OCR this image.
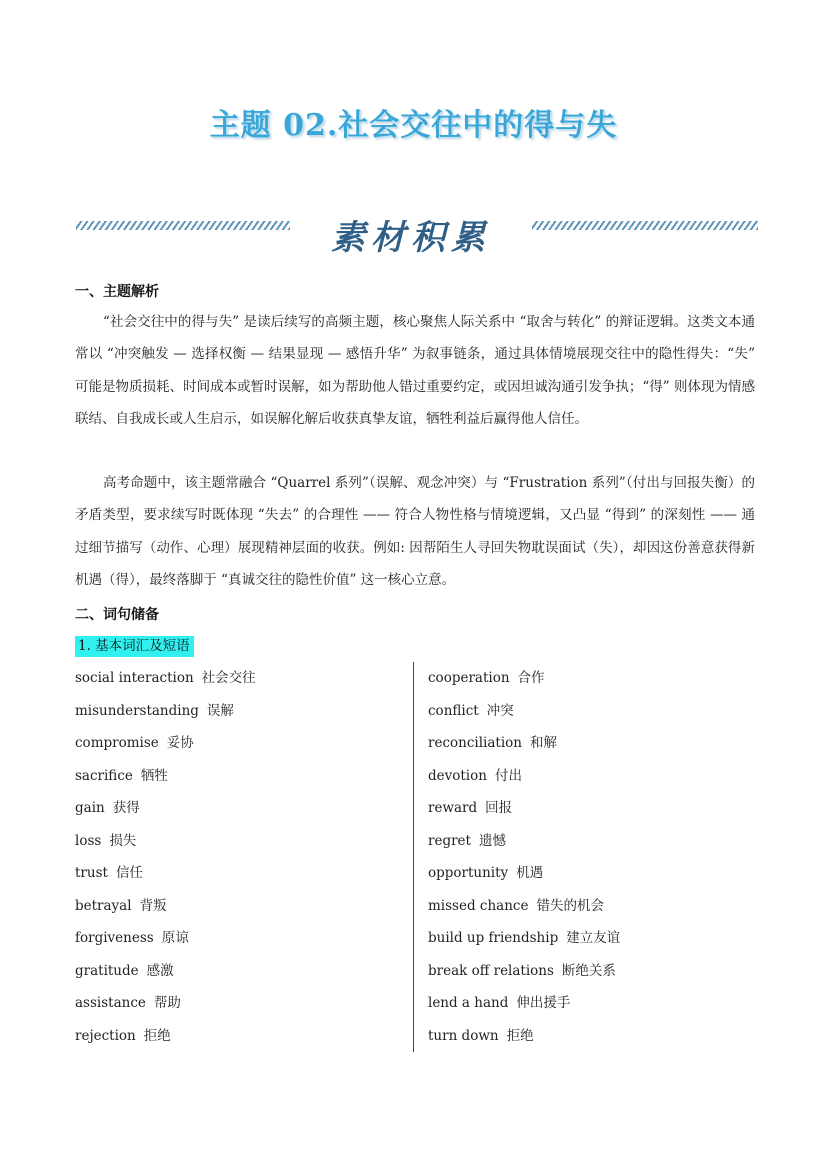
主题 02.社会交往中的得与失
素材积累
一、主题解析
“社会交往中的得与失” 是读后续写的高频主题，核心聚焦人际关系中 “取舍与转化” 的辩证逻辑。这类文本通常以 “冲突触发 — 选择权衡 — 结果显现 — 感悟升华” 为叙事链条，通过具体情境展现交往中的隐性得失：“失” 可能是物质损耗、时间成本或暂时误解，如为帮助他人错过重要约定，或因坦诚沟通引发争执；“得” 则体现为情感联结、自我成长或人生启示，如误解化解后收获真挚友谊，牺牲利益后赢得他人信任。
高考命题中，该主题常融合 “Quarrel 系列”（误解、观念冲突）与 “Frustration 系列”（付出与回报失衡）的矛盾类型，要求续写时既体现 “失去” 的合理性 —— 符合人物性格与情境逻辑，又凸显 “得到” 的深刻性 —— 通过细节描写（动作、心理）展现精神层面的收获。例如: 因帮陌生人寻回失物耽误面试（失），却因这份善意获得新机遇（得），最终落脚于 “真诚交往的隐性价值” 这一核心立意。
二、词句储备
1. 基本词汇及短语
social interaction 社会交往
misunderstanding 误解
compromise 妥协
sacrifice 牺牲
gain 获得
loss 损失
trust 信任
betrayal 背叛
forgiveness 原谅
gratitude 感激
assistance 帮助
rejection 拒绝
cooperation 合作
conflict 冲突
reconciliation 和解
devotion 付出
reward 回报
regret 遗憾
opportunity 机遇
missed chance 错失的机会
build up friendship 建立友谊
break off relations 断绝关系
lend a hand 伸出援手
turn down 拒绝
